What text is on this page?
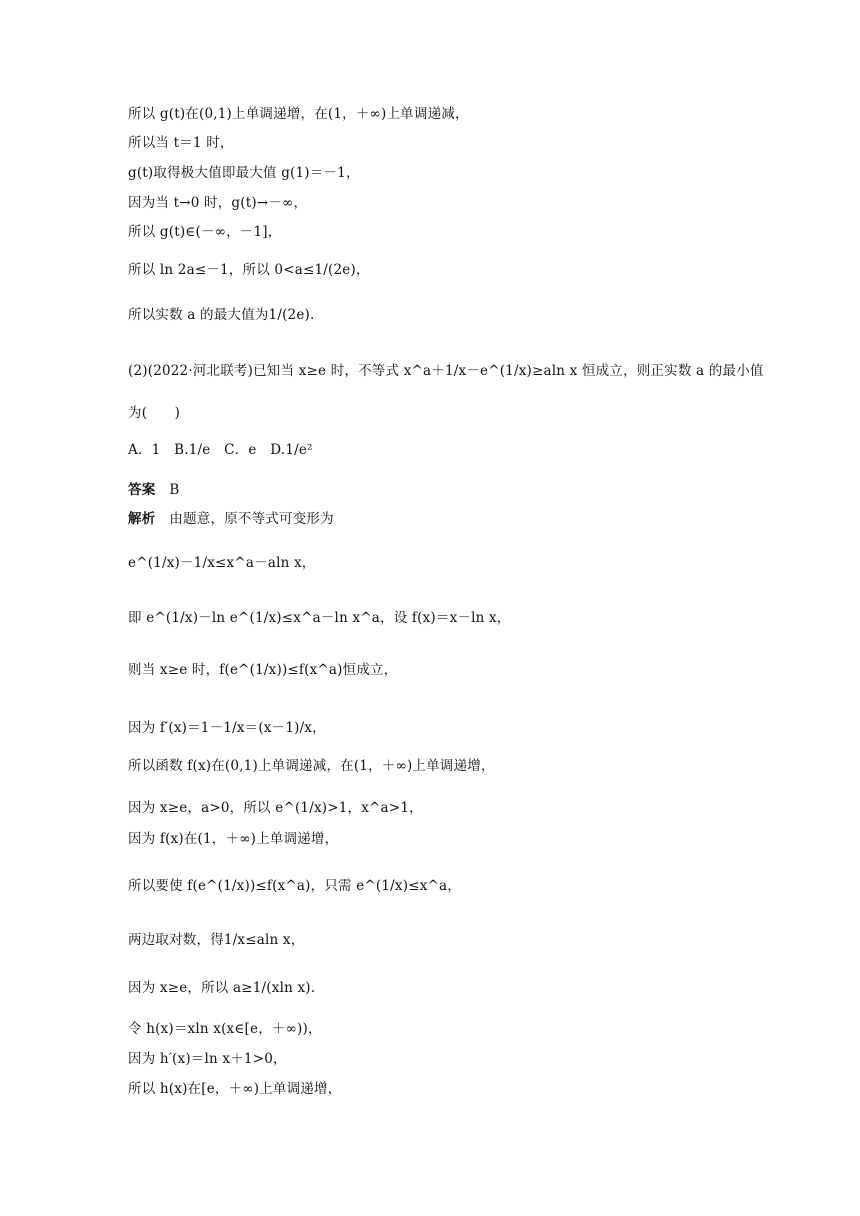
所以 g(t)在(0,1)上单调递增，在(1，＋∞)上单调递减，
所以当 t＝1 时，
g(t)取得极大值即最大值 g(1)＝－1，
因为当 t→0 时，g(t)→－∞，
所以 g(t)∈(－∞，－1]，
所以 ln 2a≤－1，所以 0<a≤1/(2e)，
所以实数 a 的最大值为1/(2e).
(2)(2022·河北联考)已知当 x≥e 时，不等式 x^a＋1/x－e^(1/x)≥aln x 恒成立，则正实数 a 的最小值
为(　　)
A．1　B.1/e　C．e　D.1/e²
答案 B
解析 由题意，原不等式可变形为
e^(1/x)－1/x≤x^a－aln x，
即 e^(1/x)－ln e^(1/x)≤x^a－ln x^a，设 f(x)＝x－ln x，
则当 x≥e 时，f(e^(1/x))≤f(x^a)恒成立，
因为 f′(x)＝1－1/x＝(x－1)/x，
所以函数 f(x)在(0,1)上单调递减，在(1，＋∞)上单调递增，
因为 x≥e，a>0，所以 e^(1/x)>1，x^a>1，
因为 f(x)在(1，＋∞)上单调递增，
所以要使 f(e^(1/x))≤f(x^a)，只需 e^(1/x)≤x^a，
两边取对数，得1/x≤aln x，
因为 x≥e，所以 a≥1/(xln x).
令 h(x)＝xln x(x∈[e，＋∞))，
因为 h′(x)＝ln x＋1>0，
所以 h(x)在[e，＋∞)上单调递增，
